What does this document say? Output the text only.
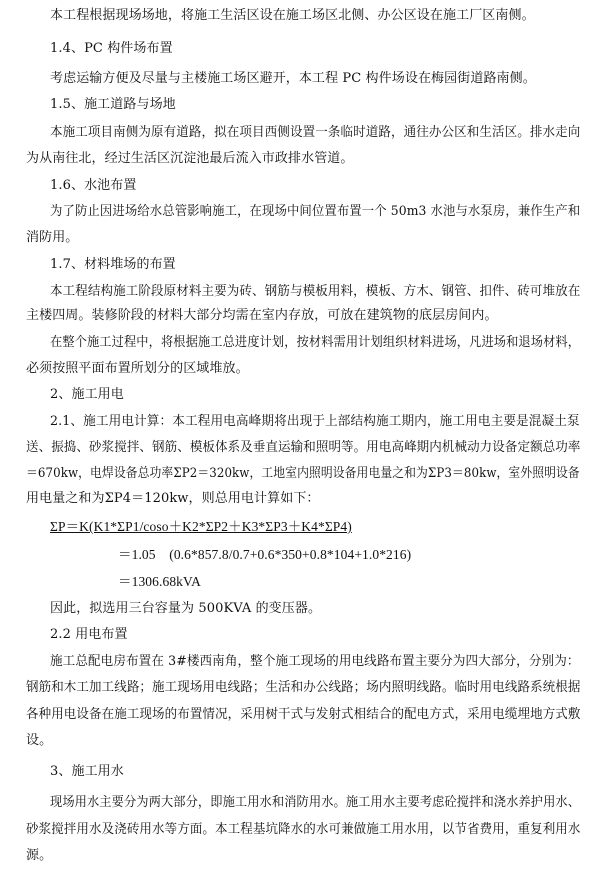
本工程根据现场场地，将施工生活区设在施工场区北侧、办公区设在施工厂区南侧。
1.4、PC 构件场布置
考虑运输方便及尽量与主楼施工场区避开，本工程 PC 构件场设在梅园街道路南侧。
1.5、施工道路与场地
本施工项目南侧为原有道路，拟在项目西侧设置一条临时道路，通往办公区和生活区。排水走向
为从南往北，经过生活区沉淀池最后流入市政排水管道。
1.6、水池布置
为了防止因进场给水总管影响施工，在现场中间位置布置一个 50m3 水池与水泵房，兼作生产和
消防用。
1.7、材料堆场的布置
本工程结构施工阶段原材料主要为砖、钢筋与模板用料，模板、方木、钢管、扣件、砖可堆放在
主楼四周。装修阶段的材料大部分均需在室内存放，可放在建筑物的底层房间内。
在整个施工过程中，将根据施工总进度计划，按材料需用计划组织材料进场，凡进场和退场材料，
必须按照平面布置所划分的区域堆放。
2、施工用电
2.1、施工用电计算：本工程用电高峰期将出现于上部结构施工期内，施工用电主要是混凝土泵
送、振捣、砂浆搅拌、钢筋、模板体系及垂直运输和照明等。用电高峰期内机械动力设备定额总功率
＝670kw，电焊设备总功率ΣP2＝320kw，工地室内照明设备用电量之和为ΣP3＝80kw，室外照明设备
用电量之和为ΣP4＝120kw，则总用电计算如下：
ΣP＝K(K1*ΣP1/coso＋K2*ΣP2＋K3*ΣP3＋K4*ΣP4)
＝1.05　(0.6*857.8/0.7+0.6*350+0.8*104+1.0*216)
＝1306.68kVA
因此，拟选用三台容量为 500KVA 的变压器。
2.2 用电布置
施工总配电房布置在 3#楼西南角，整个施工现场的用电线路布置主要分为四大部分，分别为：
钢筋和木工加工线路；施工现场用电线路；生活和办公线路；场内照明线路。临时用电线路系统根据
各种用电设备在施工现场的布置情况，采用树干式与发射式相结合的配电方式，采用电缆埋地方式敷
设。
3、施工用水
现场用水主要分为两大部分，即施工用水和消防用水。施工用水主要考虑砼搅拌和浇水养护用水、
砂浆搅拌用水及浇砖用水等方面。本工程基坑降水的水可兼做施工用水用，以节省费用，重复利用水
源。
